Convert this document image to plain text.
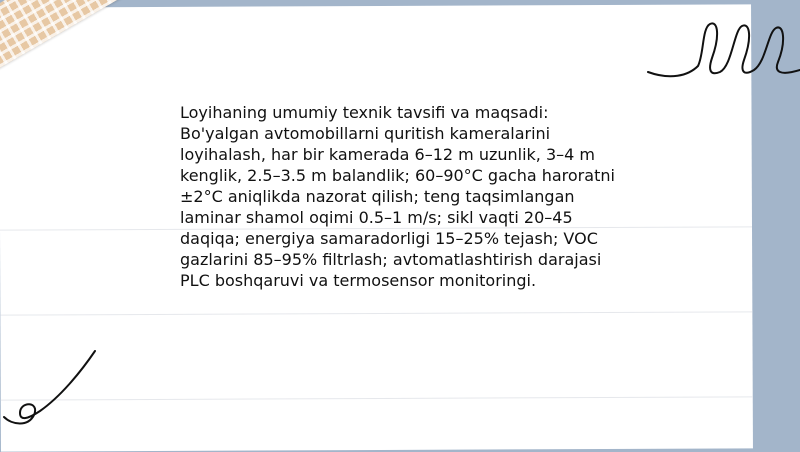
Loyihaning umumiy texnik tavsifi va maqsadi:
Bo'yalgan avtomobillarni quritish kameralarini loyihalash, har bir kamerada 6–12 m uzunlik, 3–4 m kenglik, 2.5–3.5 m balandlik; 60–90°C gacha haroratni ±2°C aniqlikda nazorat qilish; teng taqsimlangan laminar shamol oqimi 0.5–1 m/s; sikl vaqti 20–45 daqiqa; energiya samaradorligi 15–25% tejash; VOC gazlarini 85–95% filtrlash; avtomatlashtirish darajasi PLC boshqaruvi va termosensor monitoringi.
